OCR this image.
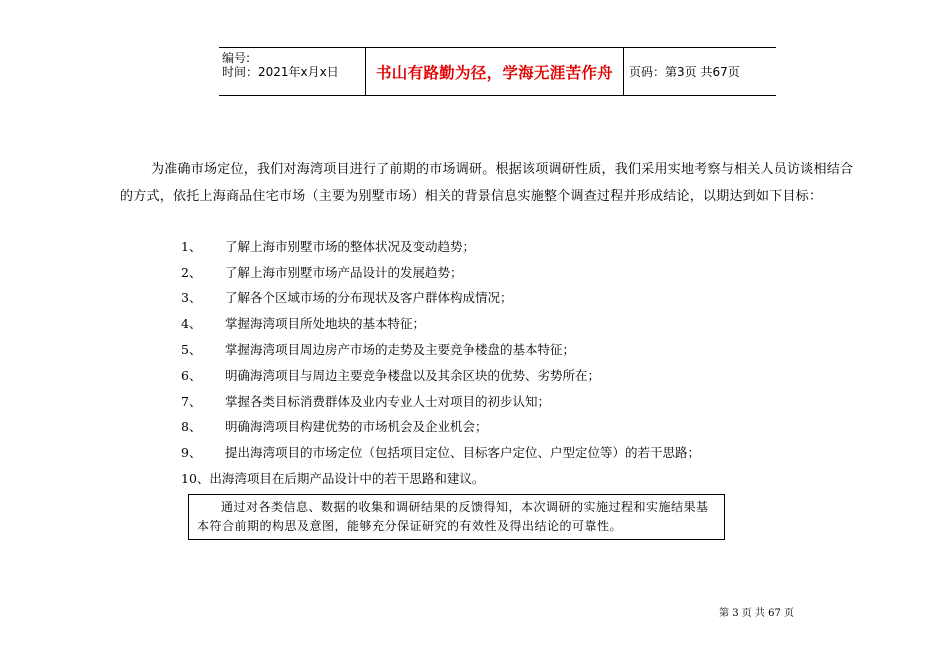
编号:
时间：2021年x月x日	书山有路勤为径，学海无涯苦作舟 页码：第3页 共67页

为准确市场定位，我们对海湾项目进行了前期的市场调研。根据该项调研性质，我们采用实地考察与相关人员访谈相结合的方式，依托上海商品住宅市场（主要为别墅市场）相关的背景信息实施整个调查过程并形成结论，以期达到如下目标：

1、	了解上海市别墅市场的整体状况及变动趋势；
2、	了解上海市别墅市场产品设计的发展趋势；
3、	了解各个区域市场的分布现状及客户群体构成情况；
4、	掌握海湾项目所处地块的基本特征；
5、	掌握海湾项目周边房产市场的走势及主要竞争楼盘的基本特征；
6、	明确海湾项目与周边主要竞争楼盘以及其余区块的优势、劣势所在；
7、	掌握各类目标消费群体及业内专业人士对项目的初步认知；
8、	明确海湾项目构建优势的市场机会及企业机会；
9、	提出海湾项目的市场定位（包括项目定位、目标客户定位、户型定位等）的若干思路；
10、 出海湾项目在后期产品设计中的若干思路和建议。

通过对各类信息、数据的收集和调研结果的反馈得知，本次调研的实施过程和实施结果基本符合前期的构思及意图，能够充分保证研究的有效性及得出结论的可靠性。

第 3 页 共 67 页
